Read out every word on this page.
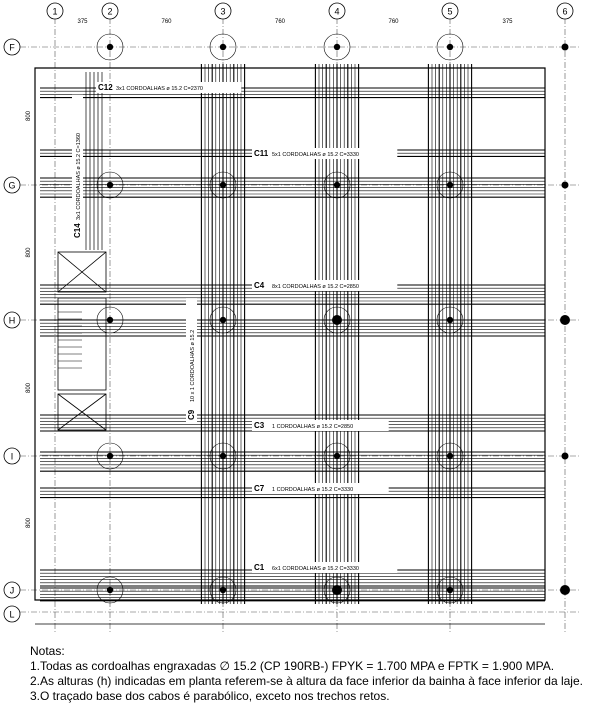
1	2	3	4	5	6
F
G
H
I
J
L
375	760	760	760	375
800
800
800
800
C12 3x1 CORDOALHAS ø 15.2 C=2370
C11 5x1 CORDOALHAS ø 15.2 C=3330
C4 8x1 CORDOALHAS ø 15.2 C=2850
C3 1 CORDOALHAS ø 15.2 C=2850
C7 1 CORDOALHAS ø 15.2 C=3330
C1 6x1 CORDOALHAS ø 15.2 C=3330
C14
3x1 CORDOALHAS ø 15.2 C=1360
C9
10 x 1 CORDOALHAS ø 15.2
Notas:
1.Todas as cordoalhas engraxadas ∅ 15.2 (CP 190RB-) FPYK = 1.700 MPA e FPTK = 1.900 MPA.
2.As alturas (h) indicadas em planta referem-se à altura da face inferior da bainha à face inferior da laje.
3.O traçado base dos cabos é parabólico, exceto nos trechos retos.
